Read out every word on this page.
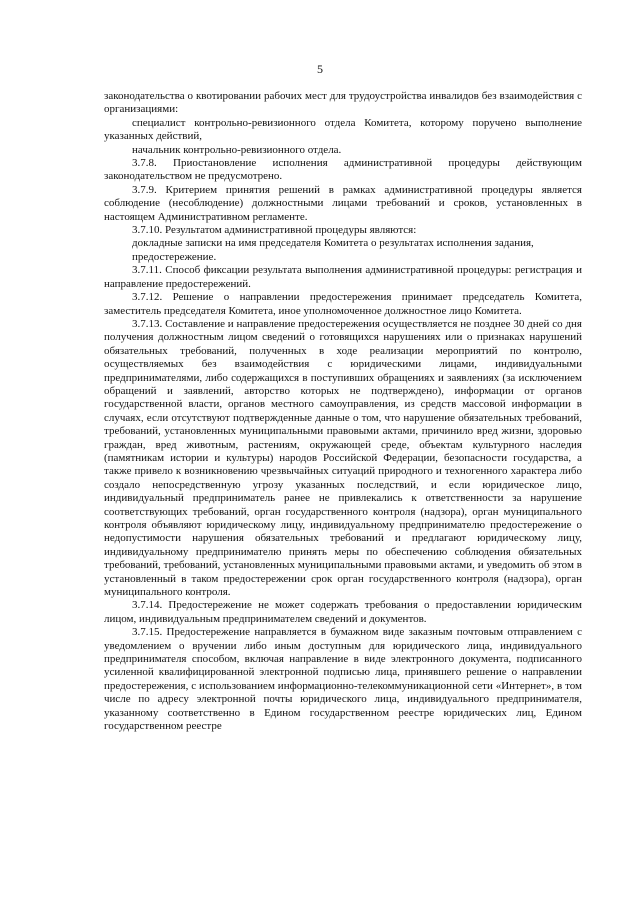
5

законодательства о квотировании рабочих мест для трудоустройства инвалидов без взаимодействия с организациями:

специалист контрольно-ревизионного отдела Комитета, которому поручено выполнение указанных действий,

начальник контрольно-ревизионного отдела.

3.7.8. Приостановление исполнения административной процедуры действующим законодательством не предусмотрено.

3.7.9. Критерием принятия решений в рамках административной процедуры является соблюдение (несоблюдение) должностными лицами требований и сроков, установленных в настоящем Административном регламенте.

3.7.10. Результатом административной процедуры являются:

докладные записки на имя председателя Комитета о результатах исполнения задания,

предостережение.

3.7.11. Способ фиксации результата выполнения административной процедуры: регистрация и направление предостережений.

3.7.12. Решение о направлении предостережения принимает председатель Комитета, заместитель председателя Комитета, иное уполномоченное должностное лицо Комитета.

3.7.13. Составление и направление предостережения осуществляется не позднее 30 дней со дня получения должностным лицом сведений о готовящихся нарушениях или о признаках нарушений обязательных требований, полученных в ходе реализации мероприятий по контролю, осуществляемых без взаимодействия с юридическими лицами, индивидуальными предпринимателями, либо содержащихся в поступивших обращениях и заявлениях (за исключением обращений и заявлений, авторство которых не подтверждено), информации от органов государственной власти, органов местного самоуправления, из средств массовой информации в случаях, если отсутствуют подтвержденные данные о том, что нарушение обязательных требований, требований, установленных муниципальными правовыми актами, причинило вред жизни, здоровью граждан, вред животным, растениям, окружающей среде, объектам культурного наследия (памятникам истории и культуры) народов Российской Федерации, безопасности государства, а также привело к возникновению чрезвычайных ситуаций природного и техногенного характера либо создало непосредственную угрозу указанных последствий, и если юридическое лицо, индивидуальный предприниматель ранее не привлекались к ответственности за нарушение соответствующих требований, орган государственного контроля (надзора), орган муниципального контроля объявляют юридическому лицу, индивидуальному предпринимателю предостережение о недопустимости нарушения обязательных требований и предлагают юридическому лицу, индивидуальному предпринимателю принять меры по обеспечению соблюдения обязательных требований, требований, установленных муниципальными правовыми актами, и уведомить об этом в установленный в таком предостережении срок орган государственного контроля (надзора), орган муниципального контроля.

3.7.14. Предостережение не может содержать требования о предоставлении юридическим лицом, индивидуальным предпринимателем сведений и документов.

3.7.15. Предостережение направляется в бумажном виде заказным почтовым отправлением с уведомлением о вручении либо иным доступным для юридического лица, индивидуального предпринимателя способом, включая направление в виде электронного документа, подписанного усиленной квалифицированной электронной подписью лица, принявшего решение о направлении предостережения, с использованием информационно-телекоммуникационной сети «Интернет», в том числе по адресу электронной почты юридического лица, индивидуального предпринимателя, указанному соответственно в Едином государственном реестре юридических лиц, Едином государственном реестре
